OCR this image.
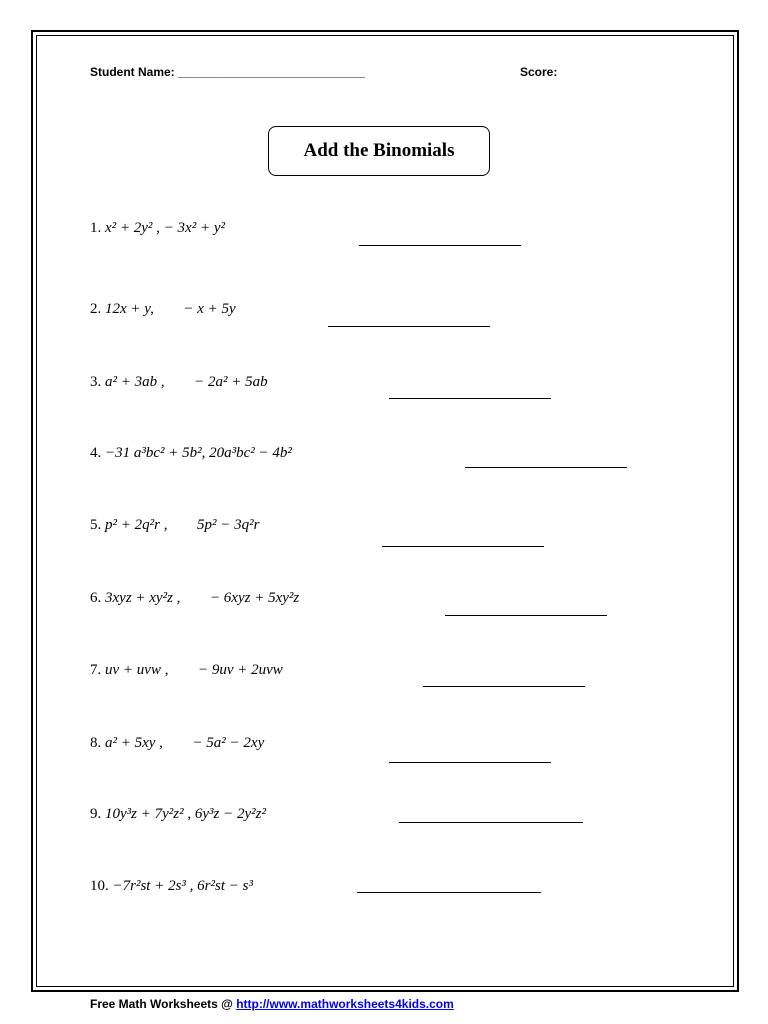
Student Name: ____________________________	Score:
Add the Binomials
1. x² + 2y² , − 3x² + y²
2. 12x + y, − x + 5y
3. a² + 3ab , − 2a² + 5ab
4. −31 a³bc² + 5b², 20a³bc² − 4b²
5. p² + 2q²r , 5p² − 3q²r
6. 3xyz + xy²z , − 6xyz + 5xy²z
7. uv + uvw , − 9uv + 2uvw
8. a² + 5xy , − 5a² − 2xy
9. 10y³z + 7y²z² , 6y³z − 2y²z²
10. −7r²st + 2s³ , 6r²st − s³
Free Math Worksheets @ http://www.mathworksheets4kids.com
